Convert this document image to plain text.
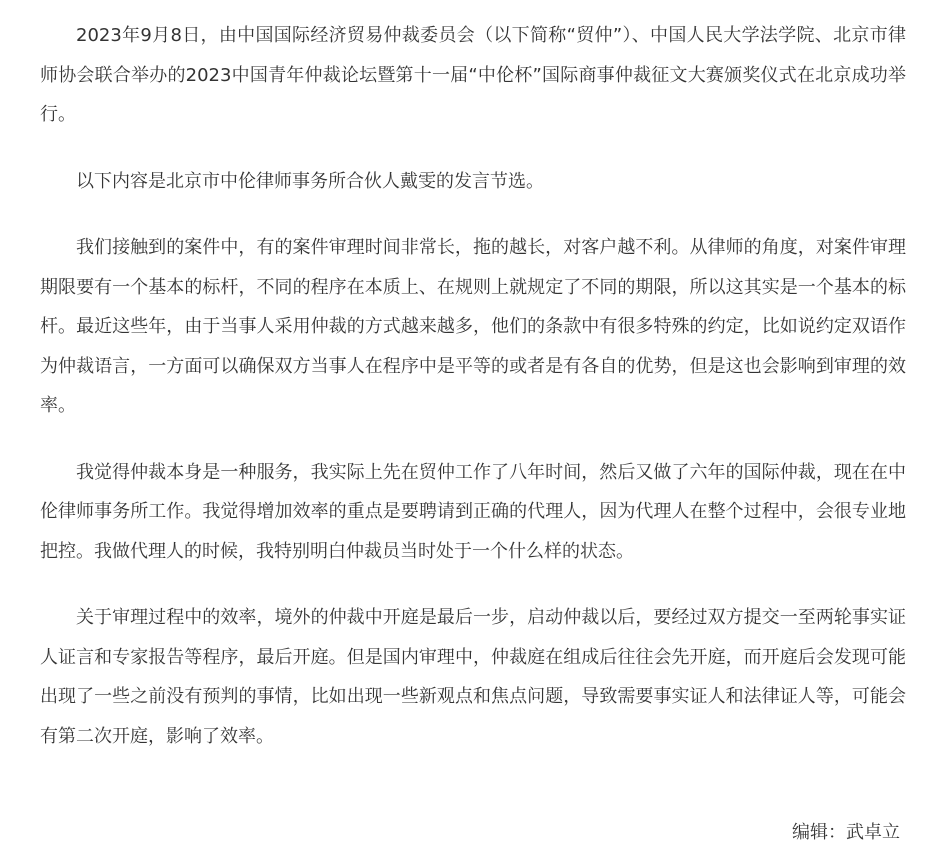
2023年9月8日，由中国国际经济贸易仲裁委员会（以下简称“贸仲”）、中国人民大学法学院、北京市律师协会联合举办的2023中国青年仲裁论坛暨第十一届“中伦杯”国际商事仲裁征文大赛颁奖仪式在北京成功举行。

以下内容是北京市中伦律师事务所合伙人戴雯的发言节选。

我们接触到的案件中，有的案件审理时间非常长，拖的越长，对客户越不利。从律师的角度，对案件审理期限要有一个基本的标杆，不同的程序在本质上、在规则上就规定了不同的期限，所以这其实是一个基本的标杆。最近这些年，由于当事人采用仲裁的方式越来越多，他们的条款中有很多特殊的约定，比如说约定双语作为仲裁语言，一方面可以确保双方当事人在程序中是平等的或者是有各自的优势，但是这也会影响到审理的效率。

我觉得仲裁本身是一种服务，我实际上先在贸仲工作了八年时间，然后又做了六年的国际仲裁，现在在中伦律师事务所工作。我觉得增加效率的重点是要聘请到正确的代理人，因为代理人在整个过程中，会很专业地把控。我做代理人的时候，我特别明白仲裁员当时处于一个什么样的状态。

关于审理过程中的效率，境外的仲裁中开庭是最后一步，启动仲裁以后，要经过双方提交一至两轮事实证人证言和专家报告等程序，最后开庭。但是国内审理中，仲裁庭在组成后往往会先开庭，而开庭后会发现可能出现了一些之前没有预判的事情，比如出现一些新观点和焦点问题，导致需要事实证人和法律证人等，可能会有第二次开庭，影响了效率。

编辑：武卓立
